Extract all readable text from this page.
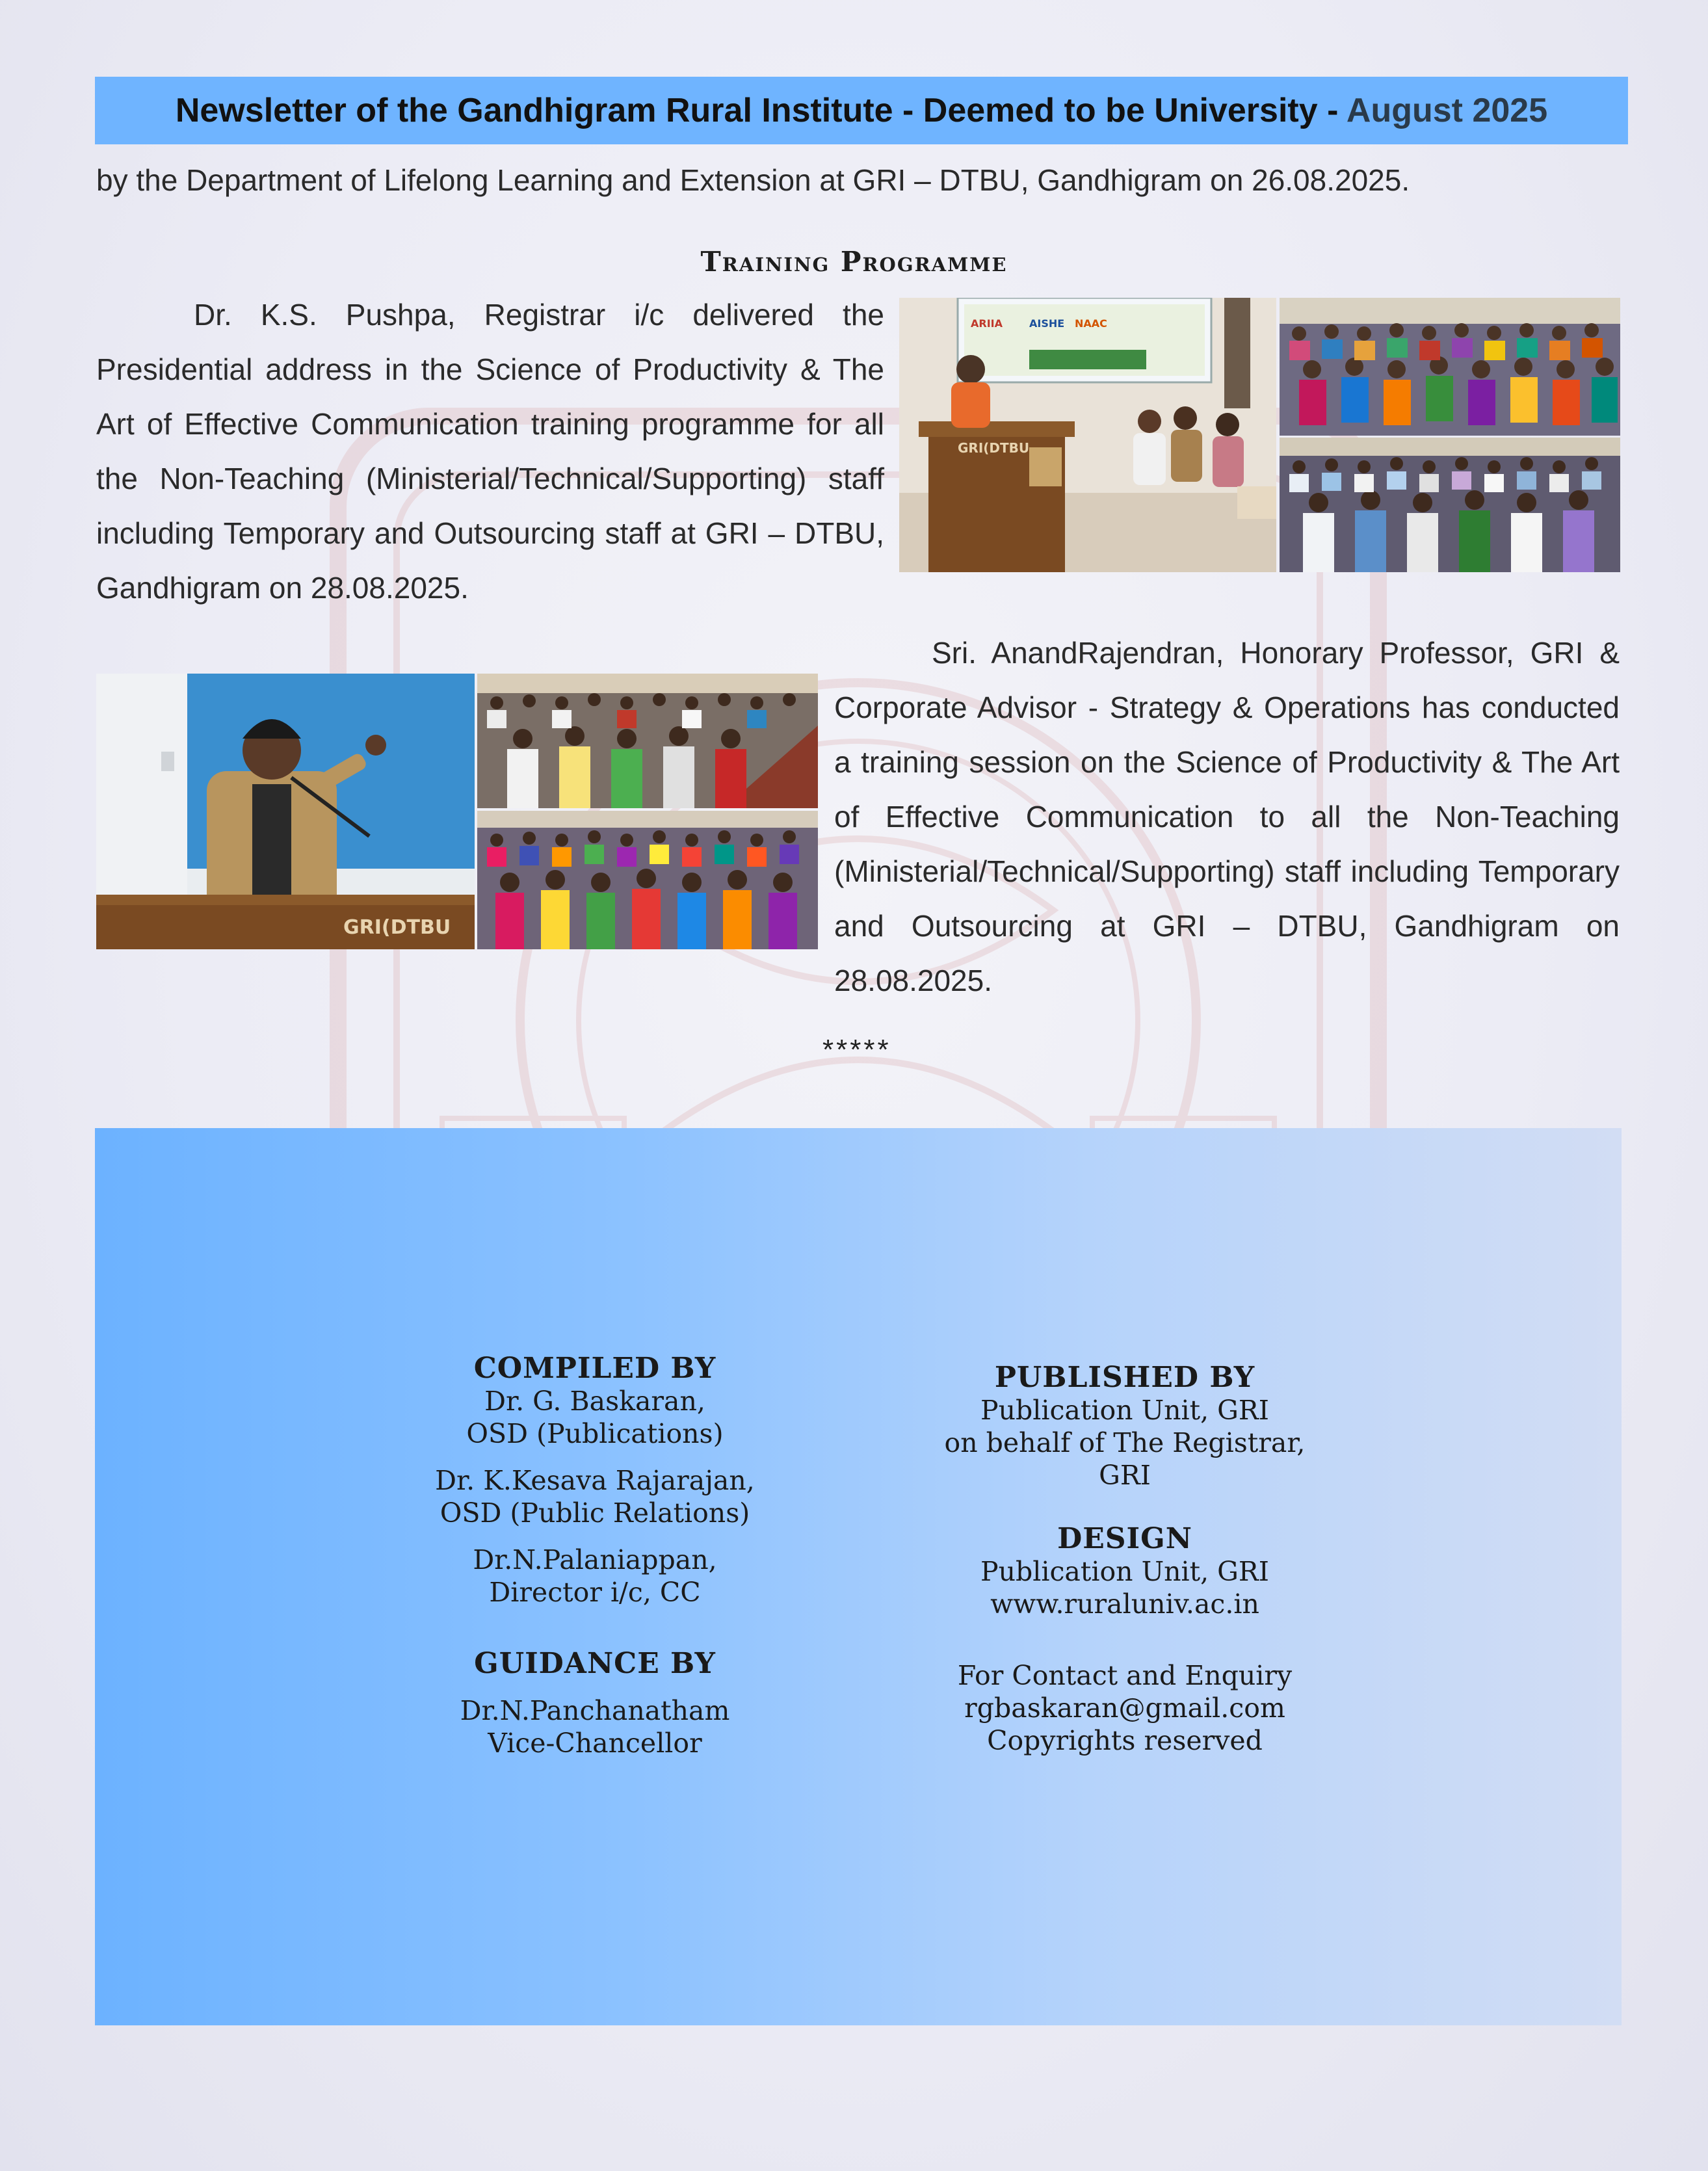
Newsletter of the Gandhigram Rural Institute - Deemed to be University - August 2025
by the Department of Lifelong Learning and Extension at GRI – DTBU, Gandhigram on 26.08.2025.
Training Programme
Dr. K.S. Pushpa, Registrar i/c delivered the Presidential address in the Science of Productivity & The Art of Effective Communication training programme for all the Non-Teaching (Ministerial/Technical/Supporting) staff including Temporary and Outsourcing staff at GRI – DTBU, Gandhigram on 28.08.2025.
ARIIA	AISHE NAAC
GRI(DTBU
GRI(DTBU
Sri. AnandRajendran, Honorary Professor, GRI & Corporate Advisor - Strategy & Operations has conducted a training session on the Science of Productivity & The Art of Effective Communication to all the Non-Teaching (Ministerial/Technical/Supporting) staff including Temporary and Outsourcing at GRI – DTBU, Gandhigram on 28.08.2025.
*****
COMPILED BY
Dr. G. Baskaran,
OSD (Publications)
Dr. K.Kesava Rajarajan,
OSD (Public Relations)
Dr.N.Palaniappan,
Director i/c, CC
GUIDANCE BY
Dr.N.Panchanatham
Vice-Chancellor
PUBLISHED BY
Publication Unit, GRI
on behalf of The Registrar,
GRI
DESIGN
Publication Unit, GRI
www.ruraluniv.ac.in
For Contact and Enquiry
rgbaskaran@gmail.com
Copyrights reserved
